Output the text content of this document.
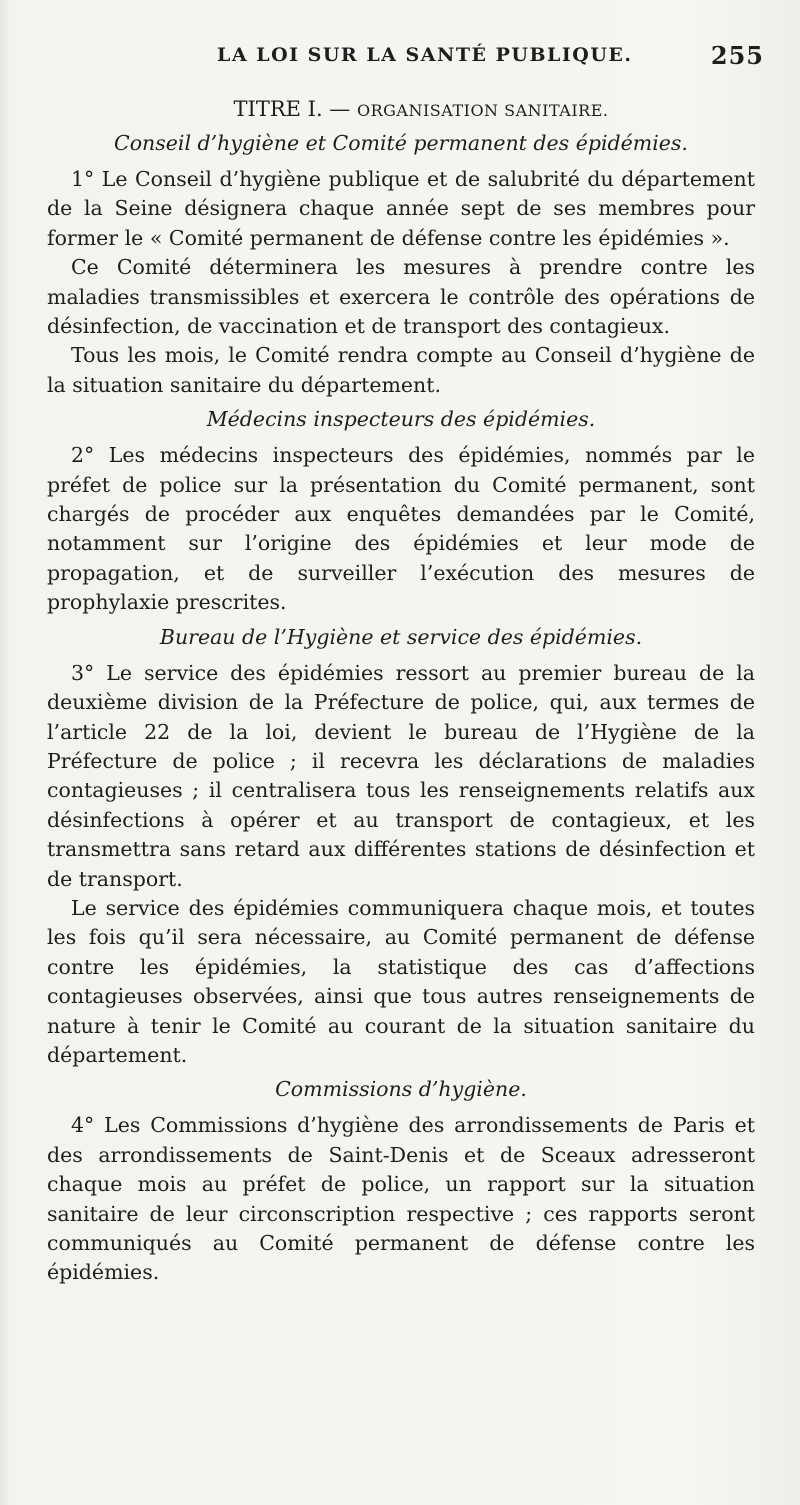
LA LOI SUR LA SANTÉ PUBLIQUE.	255
TITRE I. — ORGANISATION SANITAIRE.
Conseil d’hygiène et Comité permanent des épidémies.

1° Le Conseil d’hygiène publique et de salubrité du département de la Seine désignera chaque année sept de ses membres pour former le « Comité permanent de défense contre les épidémies ».

Ce Comité déterminera les mesures à prendre contre les maladies transmissibles et exercera le contrôle des opérations de désinfection, de vaccination et de transport des contagieux.

Tous les mois, le Comité rendra compte au Conseil d’hygiène de la situation sanitaire du département.

Médecins inspecteurs des épidémies.

2° Les médecins inspecteurs des épidémies, nommés par le préfet de police sur la présentation du Comité permanent, sont chargés de procéder aux enquêtes demandées par le Comité, notamment sur l’origine des épidémies et leur mode de propagation, et de surveiller l’exécution des mesures de prophylaxie prescrites.

Bureau de l’Hygiène et service des épidémies.

3° Le service des épidémies ressort au premier bureau de la deuxième division de la Préfecture de police, qui, aux termes de l’article 22 de la loi, devient le bureau de l’Hygiène de la Préfecture de police ; il recevra les déclarations de maladies contagieuses ; il centralisera tous les renseignements relatifs aux désinfections à opérer et au transport de contagieux, et les transmettra sans retard aux différentes stations de désinfection et de transport.

Le service des épidémies communiquera chaque mois, et toutes les fois qu’il sera nécessaire, au Comité permanent de défense contre les épidémies, la statistique des cas d’affections contagieuses observées, ainsi que tous autres renseignements de nature à tenir le Comité au courant de la situation sanitaire du département.

Commissions d’hygiène.

4° Les Commissions d’hygiène des arrondissements de Paris et des arrondissements de Saint-Denis et de Sceaux adresseront chaque mois au préfet de police, un rapport sur la situation sanitaire de leur circonscription respective ; ces rapports seront communiqués au Comité permanent de défense contre les épidémies.
